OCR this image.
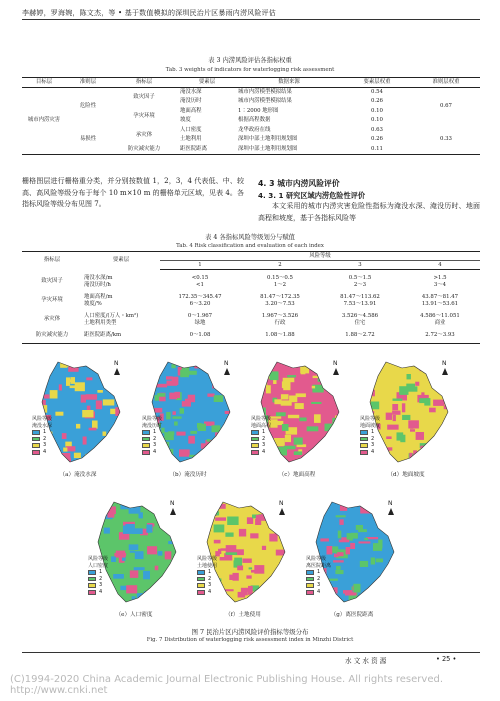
李赫婷，罗海婉，陈文杰，等 • 基于数值模拟的深圳民治片区暴雨内涝风险评估
表 3 内涝风险评估各指标权重
Tab. 3 weights of indicators for waterlogging risk assessment
目标层	准则层	指标层	要素层	数据来源	要素层权重	准则层权重
城市内涝灾害	危险性	致灾因子	淹没水深	城市内涝模型模拟结果	0.54	0.67
			淹没历时	城市内涝模型模拟结果	0.26	
		孕灾环境	地面高程	1∶2000 地形图	0.10	
			坡度	根据高程数据	0.10	
	易损性	承灾体	人口密度	龙华政府在线	0.63	0.33
			土地利用	深圳中部土地利用规划图	0.26	
		防灾减灾能力	距医院距离	深圳中部土地利用规划图	0.11	
栅格图层进行栅格重分类，并分别按数值 1，2，3，4 代表低、中、较高、高风险等级分布于每个 10 m×10 m 的栅格单元区域，见表 4。各指标风险等级分布见图 7。
4. 3 城市内涝风险评价
4. 3. 1 研究区域内涝危险性评价
本文采用的城市内涝灾害危险性指标为淹没水深、淹没历时、地面高程和坡度，基于各指标风险等
表 4 各指标风险等级划分与赋值
Tab. 4 Risk classification and evaluation of each index
指标层	要素层	风险等级			
		1	2	3	4

致灾因子	淹没水深/m	<0.15	0.15～0.5	0.5～1.5	>1.5
	淹没历时/h	<1	1～2	2～3	3～4

孕灾环境	地面高程/m	172.35～345.47	81.47～172.35	81.47～113.62	43.87～81.47
	坡度/%	6～3.20	3.20～7.53	7.53～13.91	13.91～53.61

承灾体	人口密度/(万人・km²)	0～1.967	1.967～3.526	3.526～4.586	4.586～11.051
	土地利用类型	绿地	行政	住宅	商业

防灾减灾能力	距医院距离/km	0～1.08	1.08～1.88	1.88～2.72	2.72～3.93

N
风险等级
淹没水深
1
2
3
4
（a）淹没水深
N
风险等级
淹没历时
1
2
3
4
（b）淹没历时
N
风险等级
地面高程
1
2
3
4
（c）地面高程
N
风险等级
地面坡度
1
2
3
4
（d）地面坡度
N
风险等级
人口密度
1
2
3
4
（e）人口密度
N
风险等级
土地使用
1
2
3
4
（f）土地使用
N
风险等级
离医院距离
1
2
3
4
（g）离医院距离
图 7 民治片区内涝风险评价指标等级分布
Fig. 7 Distribution of waterlogging risk assessment index in Minzhi District
水 文 水 资 源	• 25 •
(C)1994-2020 China Academic Journal Electronic Publishing House. All rights reserved. http://www.cnki.net
